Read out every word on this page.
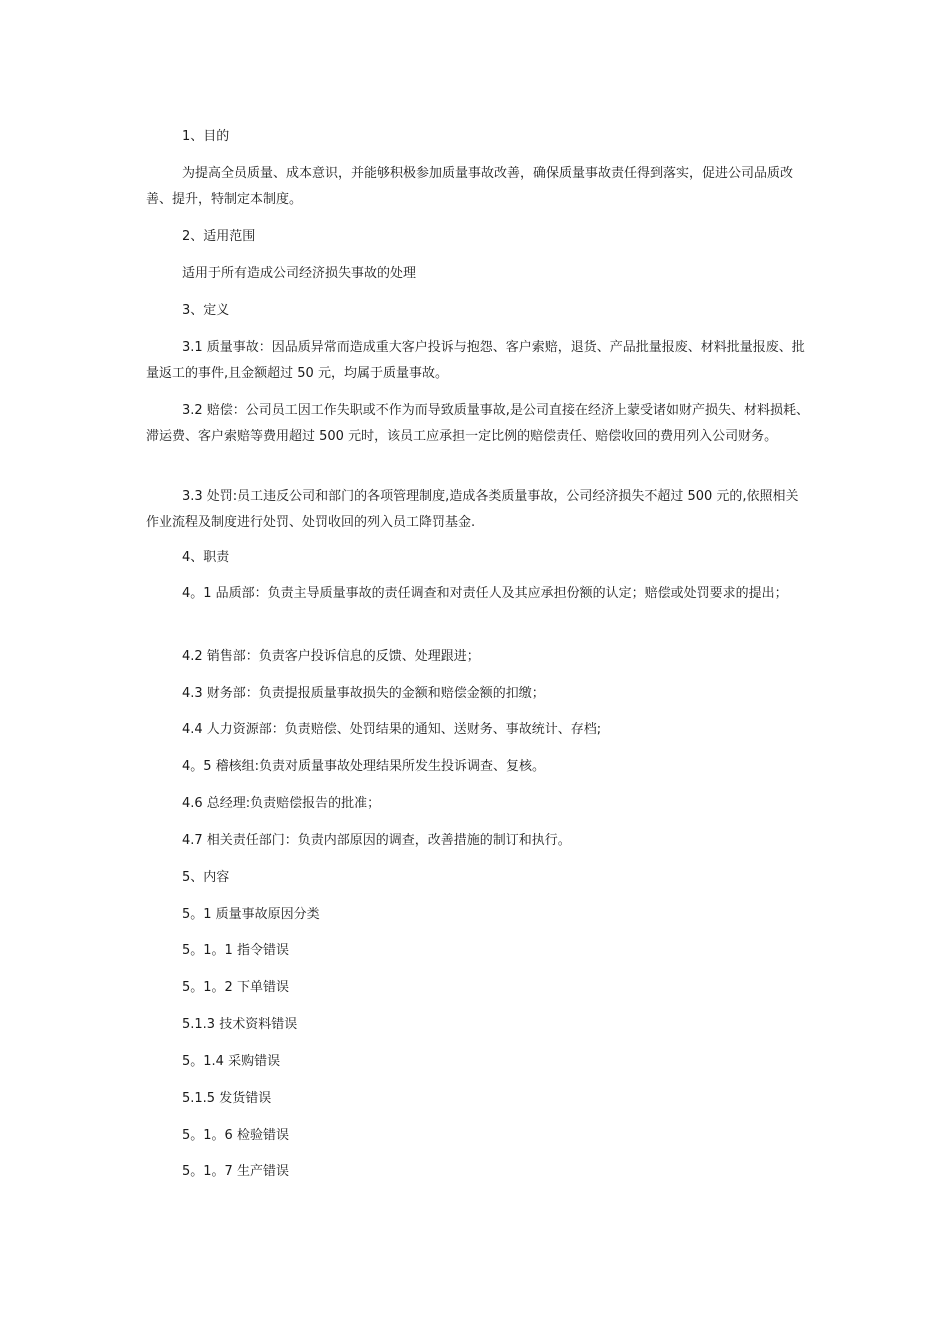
1、目的

为提高全员质量、成本意识，并能够积极参加质量事故改善，确保质量事故责任得到落实，促进公司品质改善、提升，特制定本制度。

2、适用范围

适用于所有造成公司经济损失事故的处理

3、定义

3.1 质量事故：因品质异常而造成重大客户投诉与抱怨、客户索赔，退货、产品批量报废、材料批量报废、批量返工的事件,且金额超过 50 元，均属于质量事故。

3.2 赔偿：公司员工因工作失职或不作为而导致质量事故,是公司直接在经济上蒙受诸如财产损失、材料损耗、滞运费、客户索赔等费用超过 500 元时，该员工应承担一定比例的赔偿责任、赔偿收回的费用列入公司财务。

3.3 处罚:员工违反公司和部门的各项管理制度,造成各类质量事故，公司经济损失不超过 500 元的,依照相关作业流程及制度进行处罚、处罚收回的列入员工降罚基金.

4、职责

4。1 品质部：负责主导质量事故的责任调查和对责任人及其应承担份额的认定；赔偿或处罚要求的提出；

4.2 销售部：负责客户投诉信息的反馈、处理跟进；

4.3 财务部：负责提报质量事故损失的金额和赔偿金额的扣缴；

4.4 人力资源部：负责赔偿、处罚结果的通知、送财务、事故统计、存档;

4。5 稽核组:负责对质量事故处理结果所发生投诉调查、复核。

4.6 总经理:负责赔偿报告的批准；

4.7 相关责任部门：负责内部原因的调查，改善措施的制订和执行。

5、内容

5。1 质量事故原因分类

5。1。1 指令错误

5。1。2 下单错误

5.1.3 技术资料错误

5。1.4 采购错误

5.1.5 发货错误

5。1。6 检验错误

5。1。7 生产错误
